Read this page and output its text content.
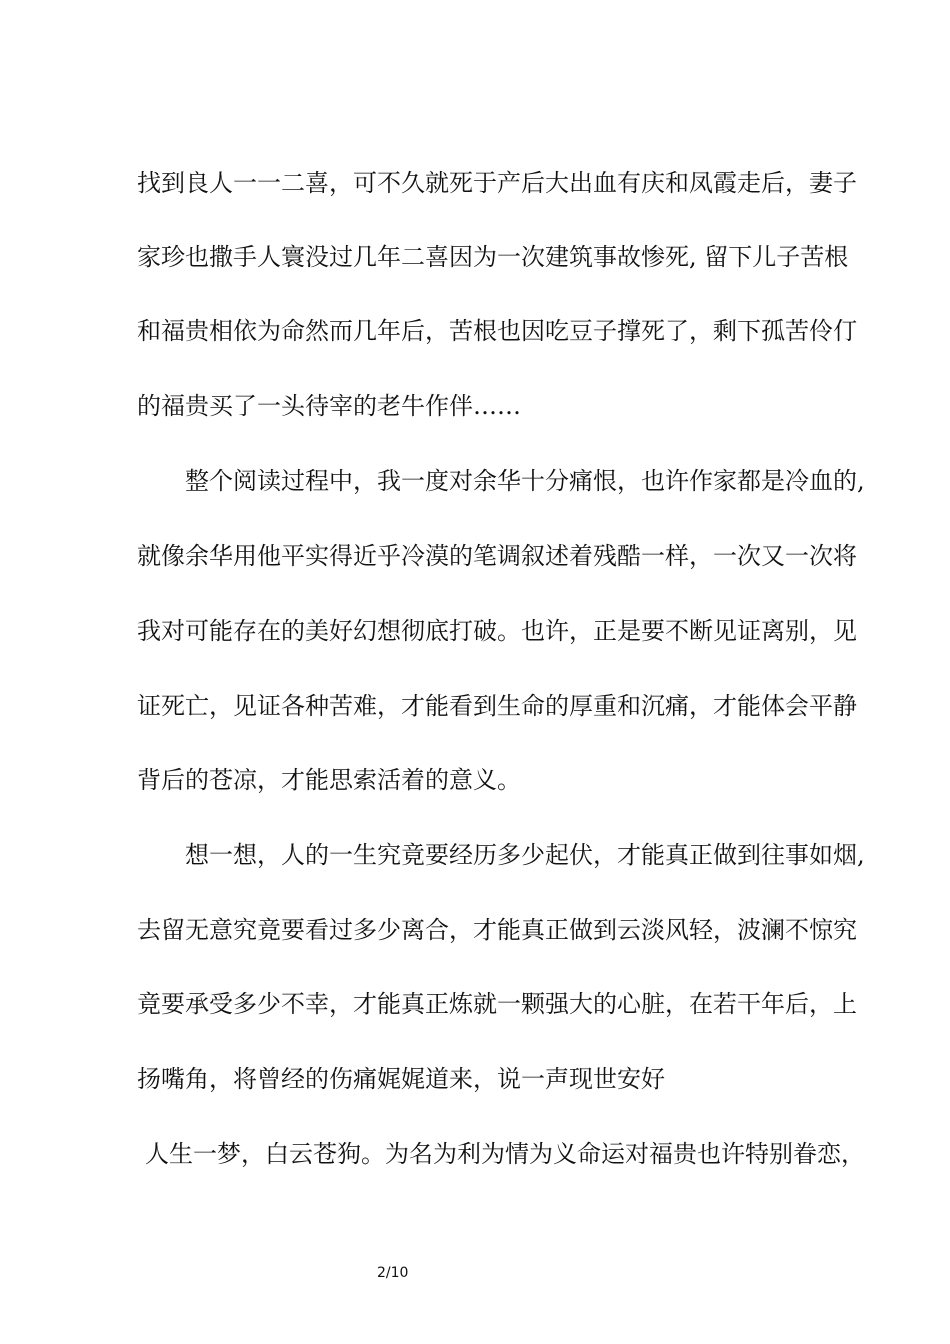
找到良人一一二喜，可不久就死于产后大出血有庆和凤霞走后，妻子
家珍也撒手人寰没过几年二喜因为一次建筑事故惨死, 留下儿子苦根
和福贵相依为命然而几年后，苦根也因吃豆子撑死了，剩下孤苦伶仃
的福贵买了一头待宰的老牛作伴……
整个阅读过程中，我一度对余华十分痛恨，也许作家都是冷血的,
就像余华用他平实得近乎冷漠的笔调叙述着残酷一样，一次又一次将
我对可能存在的美好幻想彻底打破。也许，正是要不断见证离别，见
证死亡，见证各种苦难，才能看到生命的厚重和沉痛，才能体会平静
背后的苍凉，才能思索活着的意义。
想一想，人的一生究竟要经历多少起伏，才能真正做到往事如烟,
去留无意究竟要看过多少离合，才能真正做到云淡风轻，波澜不惊究
竟要承受多少不幸，才能真正炼就一颗强大的心脏，在若干年后，上
扬嘴角，将曾经的伤痛娓娓道来，说一声现世安好
人生一梦，白云苍狗。为名为利为情为义命运对福贵也许特别眷恋，
2/10
